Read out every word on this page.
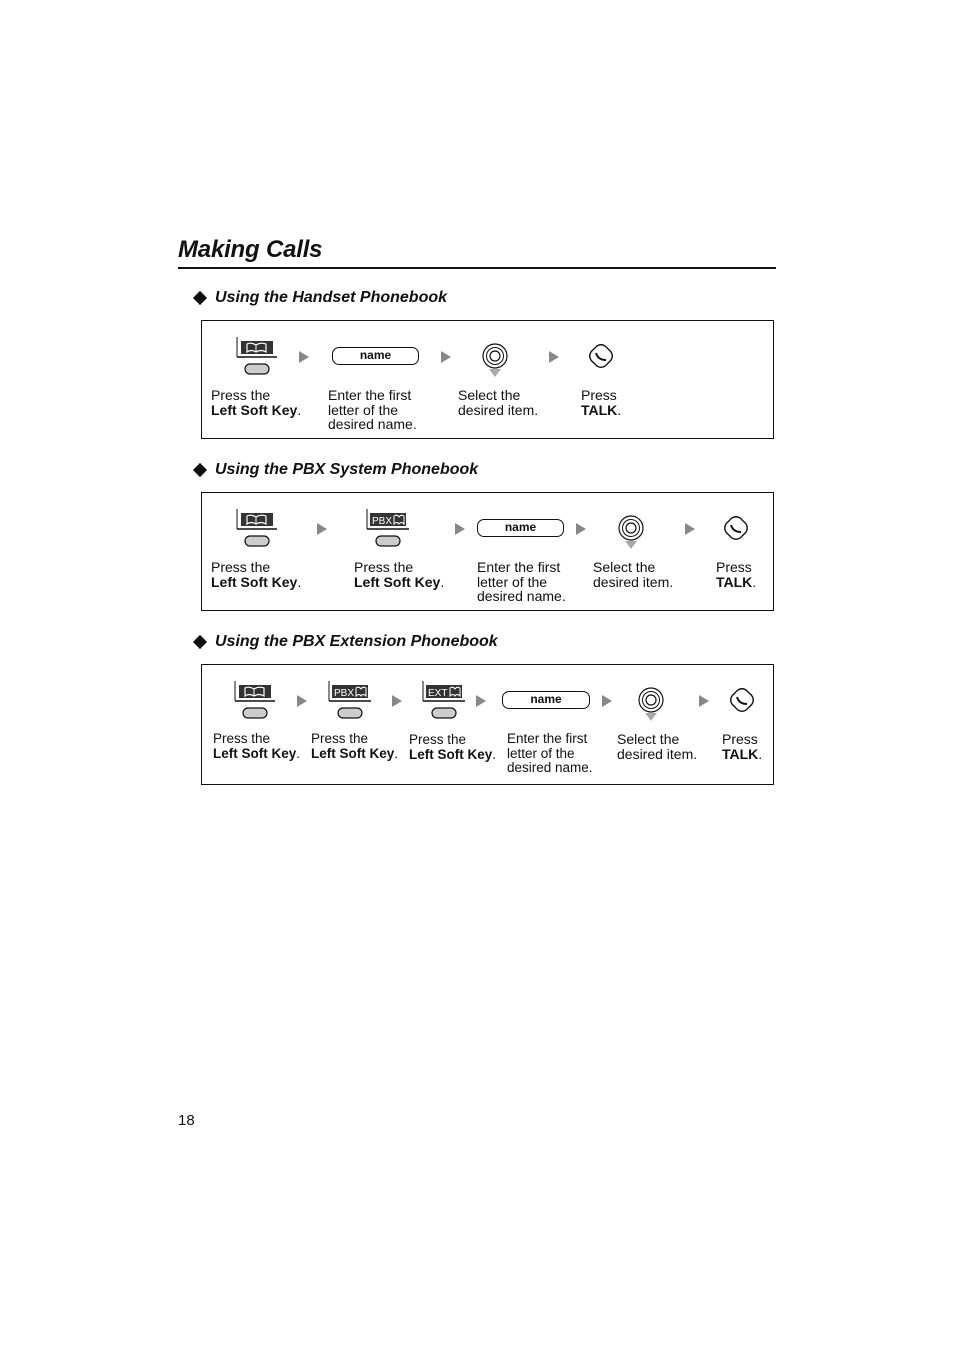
Making Calls
Using the Handset Phonebook
name
Press the
Left Soft Key.
Enter the first
letter of the
desired name.
Select the
desired item.
Press
TALK.
Using the PBX System Phonebook
PBX	name
Press the
Left Soft Key.
Press the
Left Soft Key.
Enter the first
letter of the
desired name.
Select the
desired item.
Press
TALK.
Using the PBX Extension Phonebook
PBX	EXT	name
Press the
Left Soft Key.
Press the
Left Soft Key.
Press the
Left Soft Key.
Enter the first
letter of the
desired name.
Select the
desired item.
Press
TALK.
18
